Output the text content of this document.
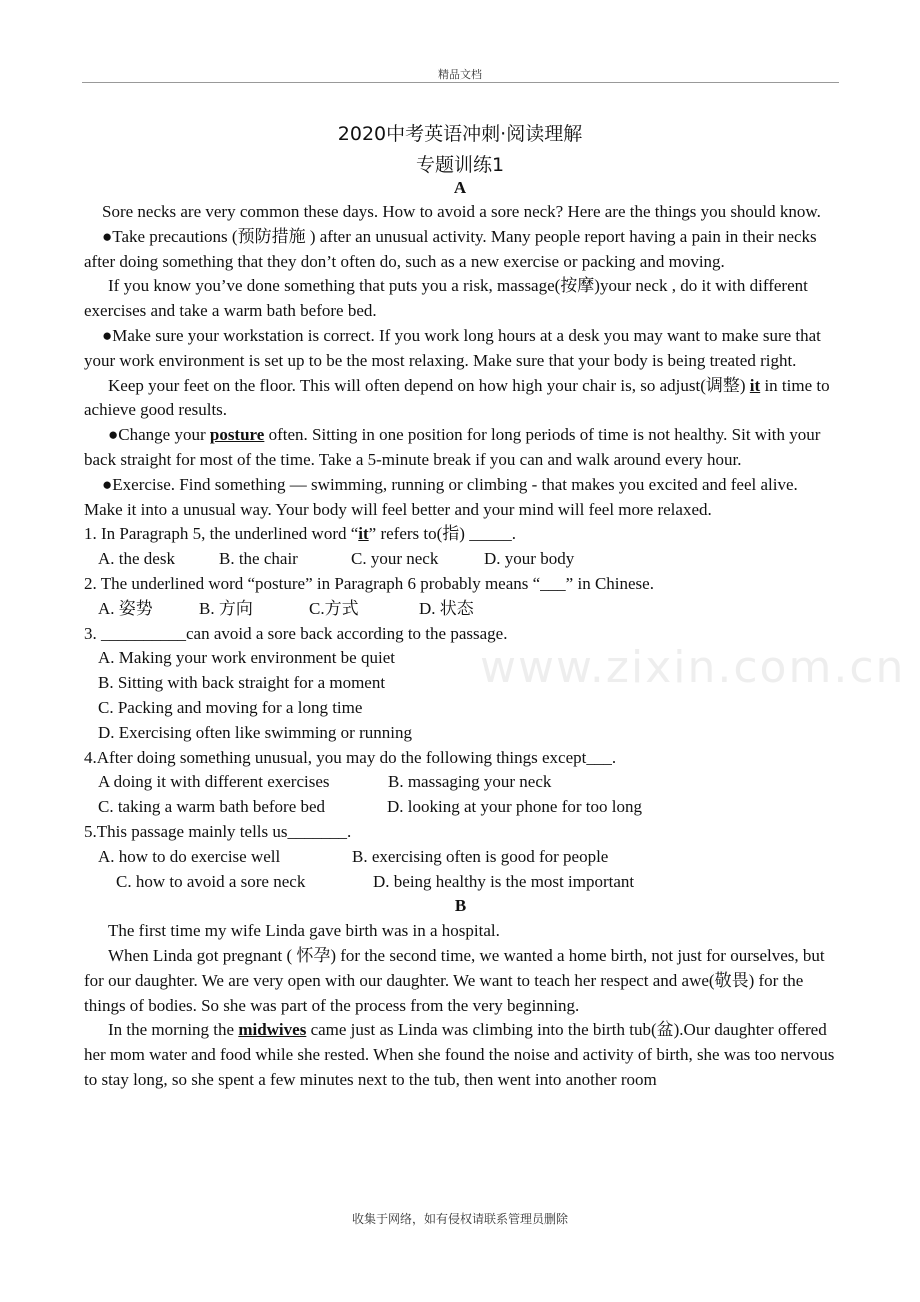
精品文档
2020中考英语冲刺·阅读理解
专题训练1
A

Sore necks are very common these days. How to avoid a sore neck? Here are the things you should know.

●Take precautions (预防措施 ) after an unusual activity. Many people report having a pain in their necks after doing something that they don’t often do, such as a new exercise or packing and moving.

If you know you’ve done something that puts you a risk, massage(按摩)your neck , do it with different exercises and take a warm bath before bed.

●Make sure your workstation is correct. If you work long hours at a desk you may want to make sure that your work environment is set up to be the most relaxing. Make sure that your body is being treated right.

Keep your feet on the floor. This will often depend on how high your chair is, so adjust(调整) it in time to achieve good results.

●Change your posture often. Sitting in one position for long periods of time is not healthy. Sit with your back straight for most of the time. Take a 5-minute break if you can and walk around every hour.

●Exercise. Find something — swimming, running or climbing - that makes you excited and feel alive. Make it into a unusual way. Your body will feel better and your mind will feel more relaxed.

1. In Paragraph 5, the underlined word “it” refers to(指) _____.

A. the desk	B. the chair	C. your neck	D. your body

2. The underlined word “posture” in Paragraph 6 probably means “___” in Chinese.

A. 姿势	B. 方向	C.方式	D. 状态

3. __________can avoid a sore back according to the passage.

A. Making your work environment be quiet

B. Sitting with back straight for a moment

C. Packing and moving for a long time

D. Exercising often like swimming or running

4.After doing something unusual, you may do the following things except___.

A doing it with different exercises	B. massaging your neck

C. taking a warm bath before bed	D. looking at your phone for too long

5.This passage mainly tells us_______.

A. how to do exercise well	B. exercising often is good for people

C. how to avoid a sore neck	D. being healthy is the most important

B

The first time my wife Linda gave birth was in a hospital.

When Linda got pregnant ( 怀孕) for the second time, we wanted a home birth, not just for ourselves, but for our daughter. We are very open with our daughter. We want to teach her respect and awe(敬畏) for the things of bodies. So she was part of the process from the very beginning.

In the morning the midwives came just as Linda was climbing into the birth tub(盆).Our daughter offered her mom water and food while she rested. When she found the noise and activity of birth, she was too nervous to stay long, so she spent a few minutes next to the tub, then went into another room

www.zixin.com.cn
收集于网络，如有侵权请联系管理员删除
